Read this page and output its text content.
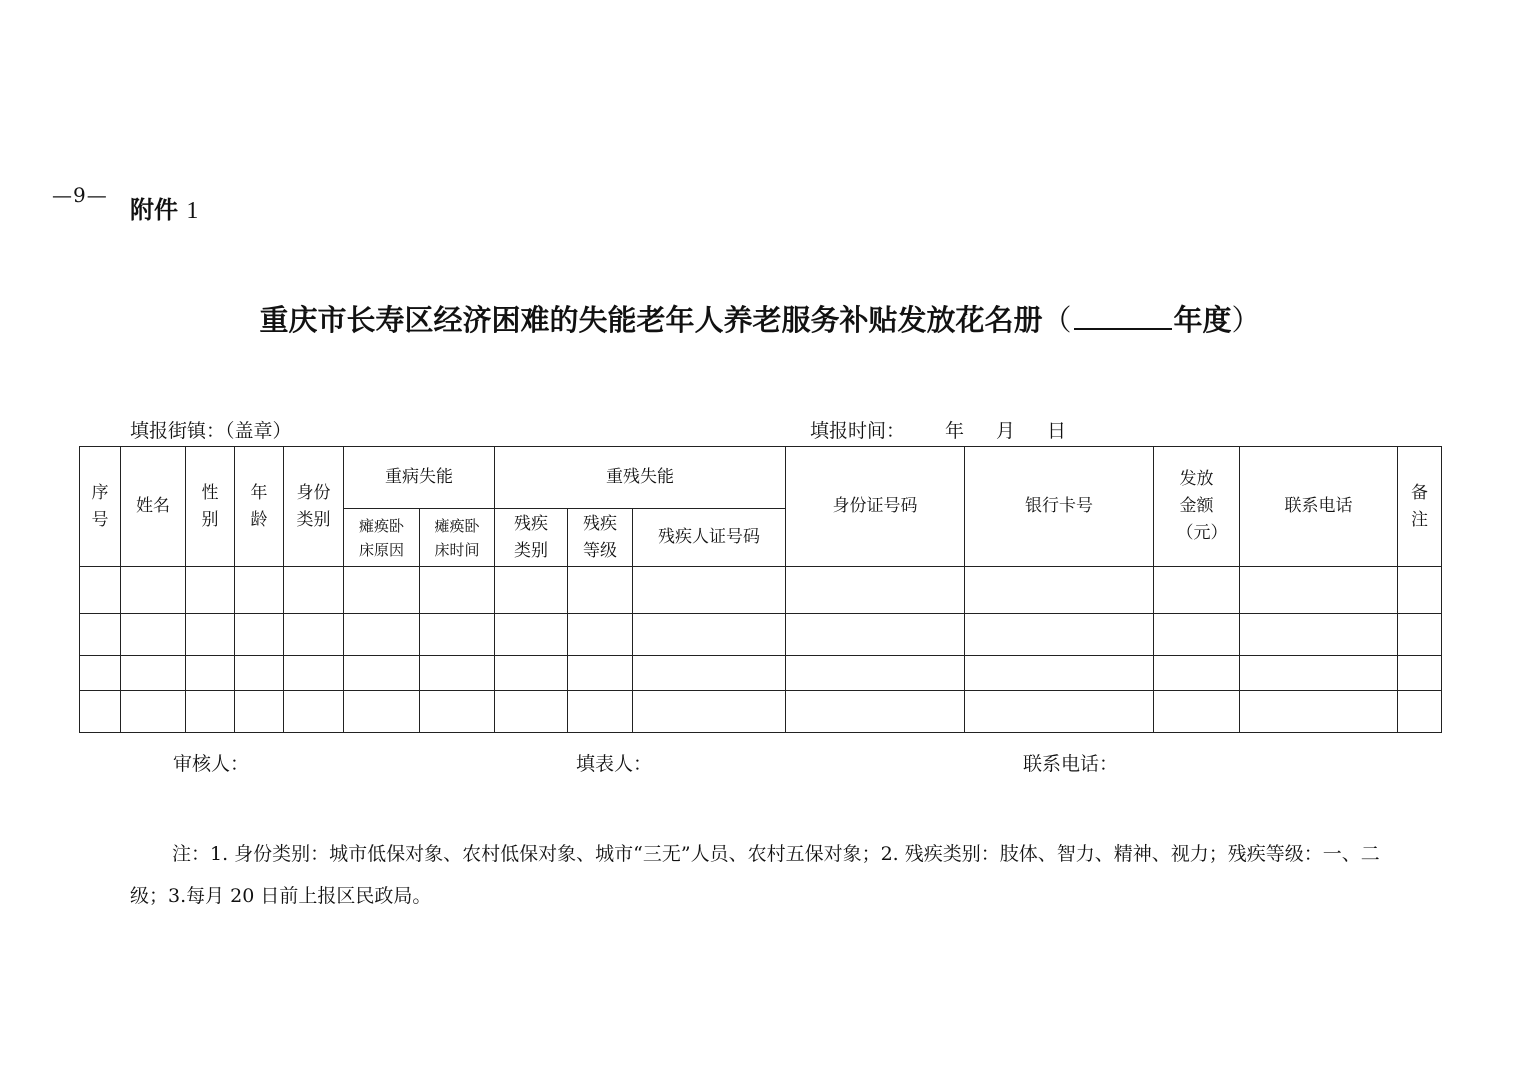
—9— 附件 1
重庆市长寿区经济困难的失能老年人养老服务补贴发放花名册（	年度）
填报街镇：（盖章）	填报时间： 年 月 日
序号	姓名	性别	年龄	身份类别	重病失能		重残失能			身份证号码	银行卡号	发放金额（元）	联系电话	备注
					瘫痪卧床原因	瘫痪卧床时间	残疾类别	残疾等级	残疾人证号码					

审核人：	填表人：	联系电话：
注：1. 身份类别：城市低保对象、农村低保对象、城市“三无”人员、农村五保对象；2. 残疾类别：肢体、智力、精神、视力；残疾等级：一、二级；3.每月 20 日前上报区民政局。
